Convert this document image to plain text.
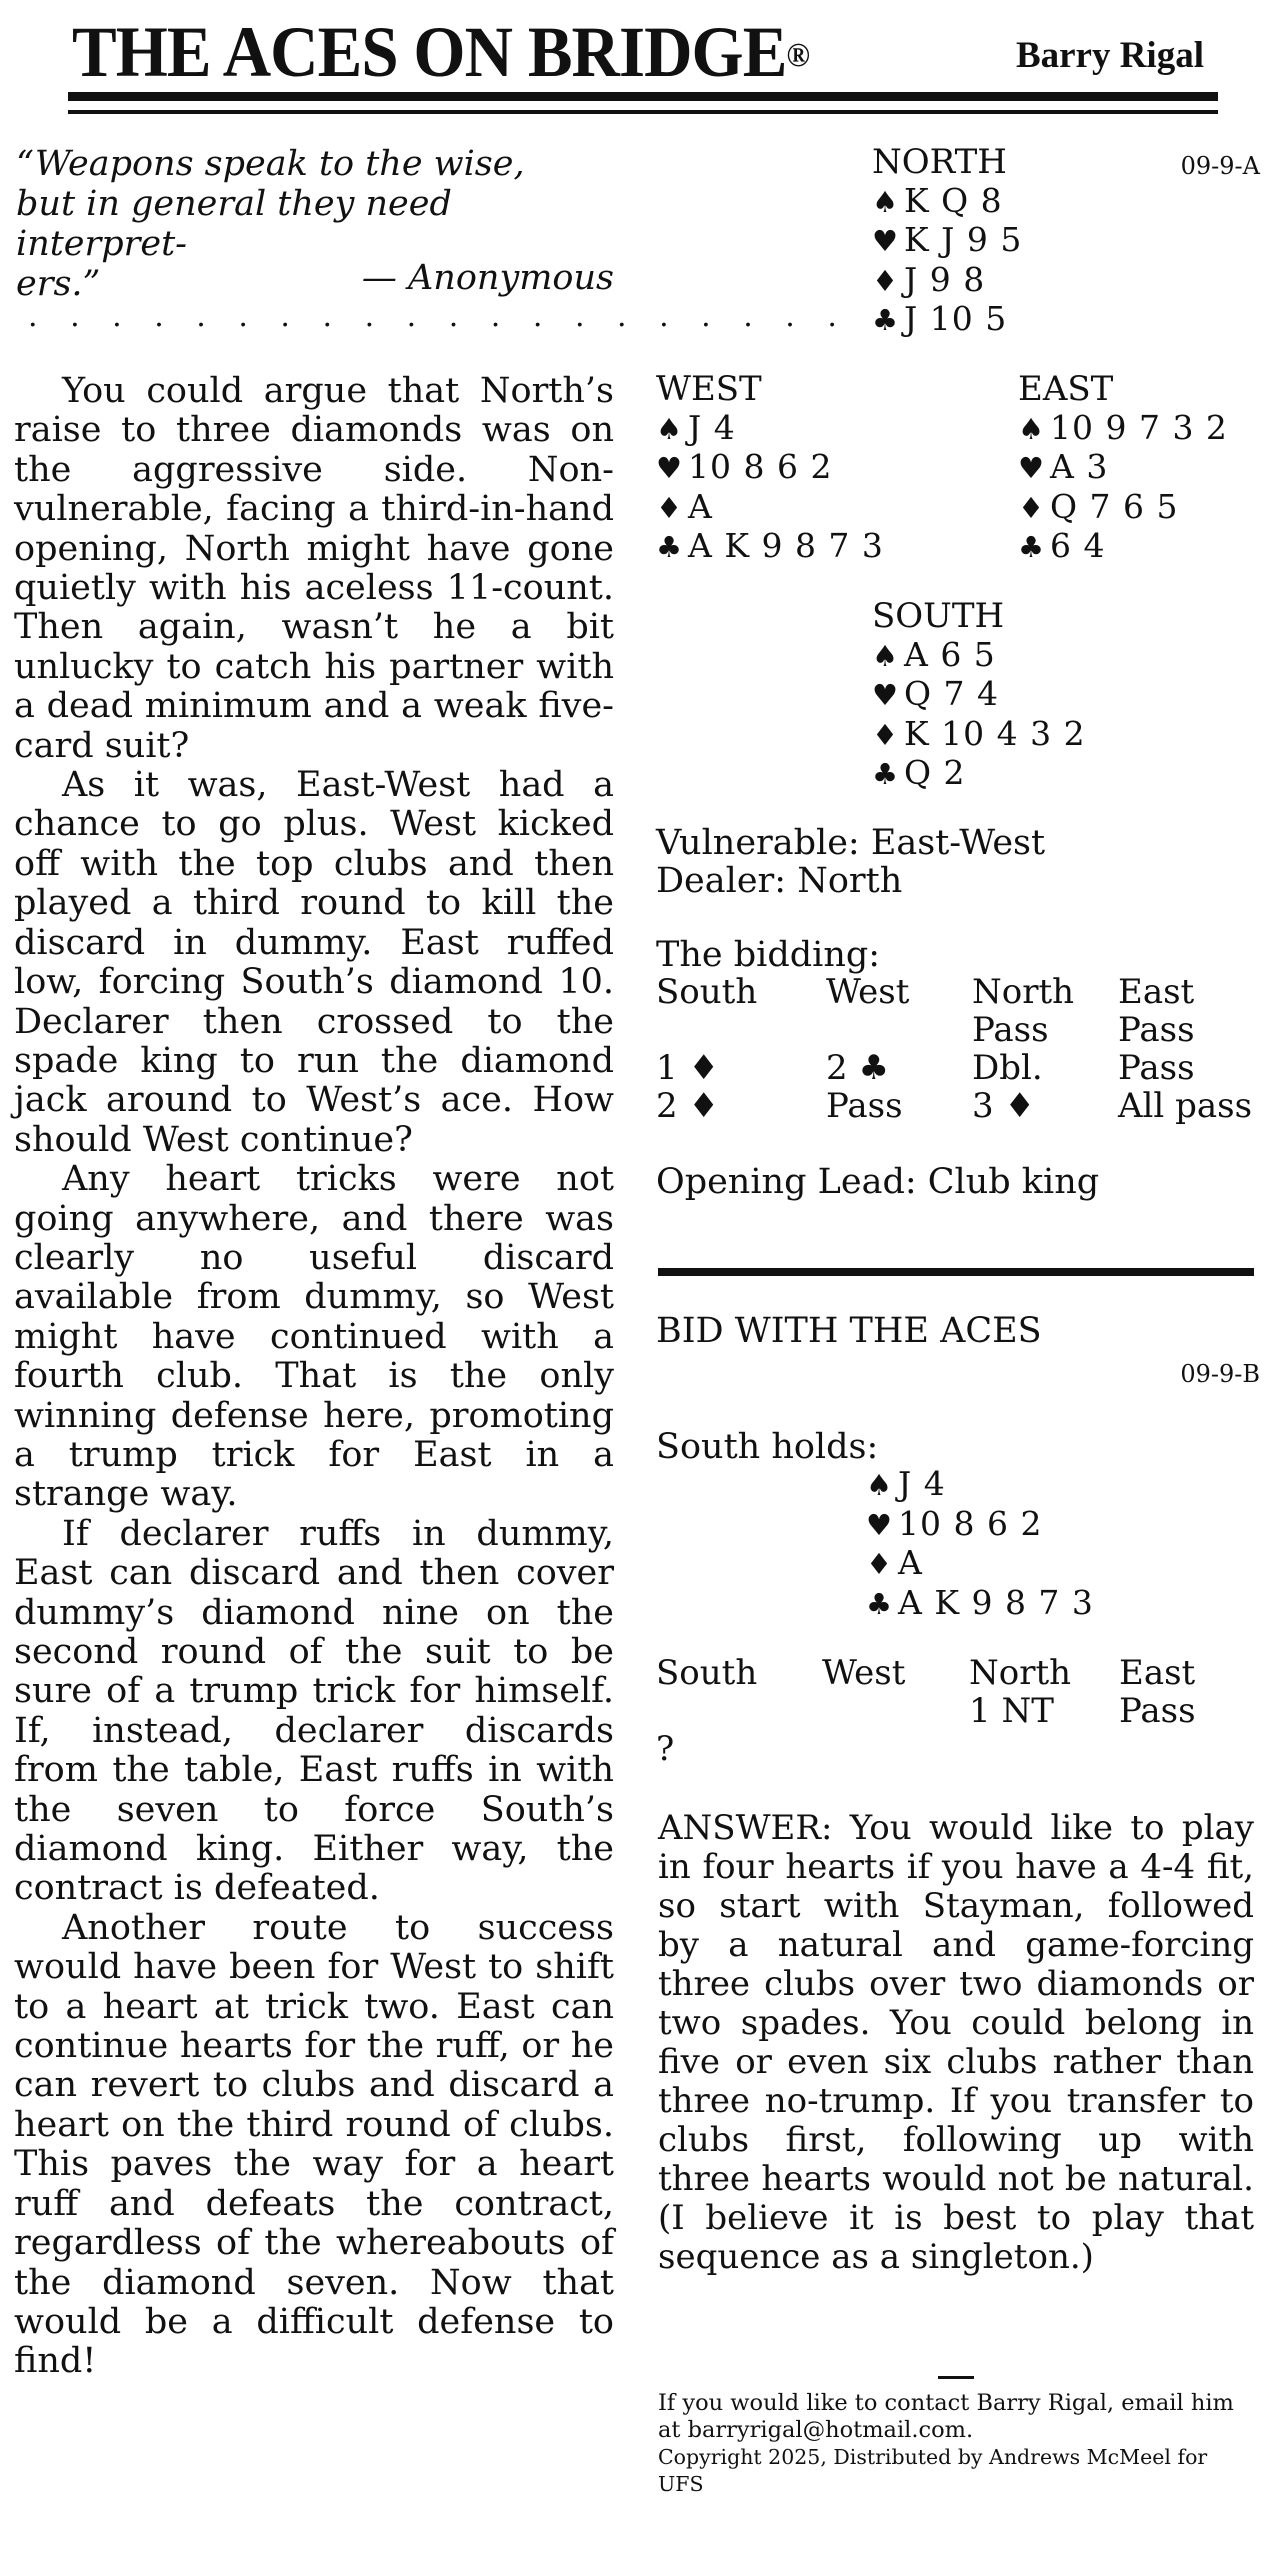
THE ACES ON BRIDGE®	Barry Rigal
“Weapons speak to the wise,
but in general they need interpret-
ers.”	— Anonymous
. . . . . . . . . . . . . . . . . . . .

You could argue that North’s raise to three diamonds was on the aggressive side. Non-vulnerable, facing a third-in-hand opening, North might have gone quietly with his aceless 11-count. Then again, wasn’t he a bit unlucky to catch his partner with a dead minimum and a weak five-card suit?

As it was, East-West had a chance to go plus. West kicked off with the top clubs and then played a third round to kill the discard in dummy. East ruffed low, forcing South’s diamond 10. Declarer then crossed to the spade king to run the diamond jack around to West’s ace. How should West continue?

Any heart tricks were not going anywhere, and there was clearly no useful discard available from dummy, so West might have continued with a fourth club. That is the only winning defense here, promoting a trump trick for East in a strange way.

If declarer ruffs in dummy, East can discard and then cover dummy’s diamond nine on the second round of the suit to be sure of a trump trick for himself. If, instead, declarer discards from the table, East ruffs in with the seven to force South’s diamond king. Either way, the contract is defeated.

Another route to success would have been for West to shift to a heart at trick two. East can continue hearts for the ruff, or he can revert to clubs and discard a heart on the third round of clubs. This paves the way for a heart ruff and defeats the contract, regardless of the whereabouts of the diamond seven. Now that would be a difficult defense to find!

09-9-A
NORTH
♠ K Q 8
♥ K J 9 5
♦ J 9 8
♣ J 10 5
WEST
♠ J 4
♥ 10 8 6 2
♦ A
♣ A K 9 8 7 3
EAST
♠ 10 9 7 3 2
♥ A 3
♦ Q 7 6 5
♣ 6 4
SOUTH
♠ A 6 5
♥ Q 7 4
♦ K 10 4 3 2
♣ Q 2
Vulnerable: East-West
Dealer: North
The bidding:
South	West	North	East
		Pass	Pass
1 ♦	2 ♣	Dbl.	Pass
2 ♦	Pass	3 ♦	All pass
Opening Lead: Club king
BID WITH THE ACES
09-9-B
South holds:
♠ J 4
♥ 10 8 6 2
♦ A
♣ A K 9 8 7 3
South	West	North	East
		1 NT	Pass
?			

ANSWER: You would like to play in four hearts if you have a 4-4 fit, so start with Stayman, followed by a natural and game-forcing three clubs over two diamonds or two spades. You could belong in five or even six clubs rather than three no-trump. If you transfer to clubs first, following up with three hearts would not be natural. (I believe it is best to play that sequence as a singleton.)

If you would like to contact Barry Rigal, email him at barryrigal@hotmail.com.

Copyright 2025, Distributed by Andrews McMeel for UFS
